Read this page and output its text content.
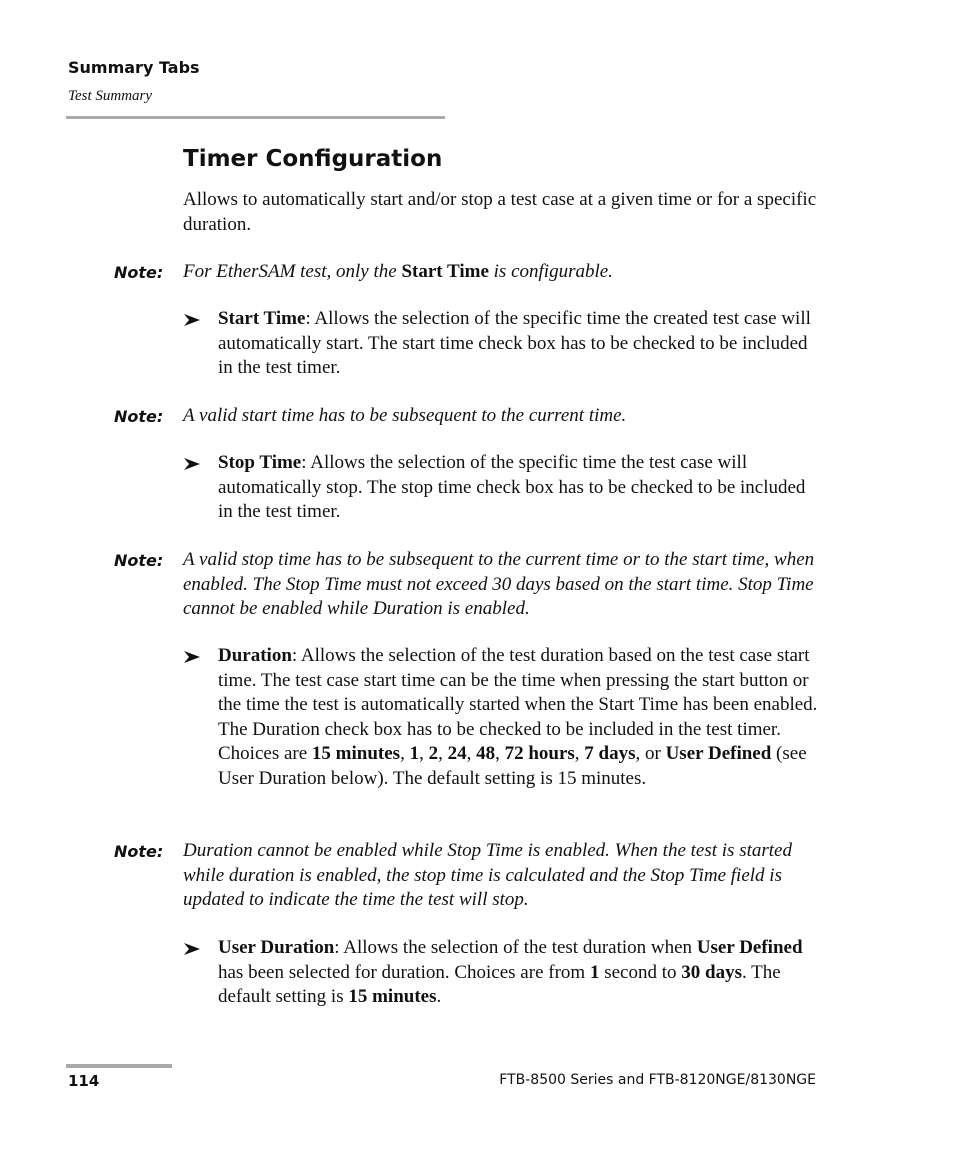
Summary Tabs
Test Summary
Timer Configuration
Allows to automatically start and/or stop a test case at a given time or for a specific duration.
Note: For EtherSAM test, only the Start Time is configurable.
Start Time: Allows the selection of the specific time the created test case will automatically start. The start time check box has to be checked to be included in the test timer.
Note: A valid start time has to be subsequent to the current time.
Stop Time: Allows the selection of the specific time the test case will automatically stop. The stop time check box has to be checked to be included in the test timer.
Note: A valid stop time has to be subsequent to the current time or to the start time, when enabled. The Stop Time must not exceed 30 days based on the start time. Stop Time cannot be enabled while Duration is enabled.
Duration: Allows the selection of the test duration based on the test case start time. The test case start time can be the time when pressing the start button or the time the test is automatically started when the Start Time has been enabled. The Duration check box has to be checked to be included in the test timer. Choices are 15 minutes, 1, 2, 24, 48, 72 hours, 7 days, or User Defined (see User Duration below). The default setting is 15 minutes.
Note: Duration cannot be enabled while Stop Time is enabled. When the test is started while duration is enabled, the stop time is calculated and the Stop Time field is updated to indicate the time the test will stop.
User Duration: Allows the selection of the test duration when User Defined has been selected for duration. Choices are from 1 second to 30 days. The default setting is 15 minutes.
114	FTB-8500 Series and FTB-8120NGE/8130NGE
